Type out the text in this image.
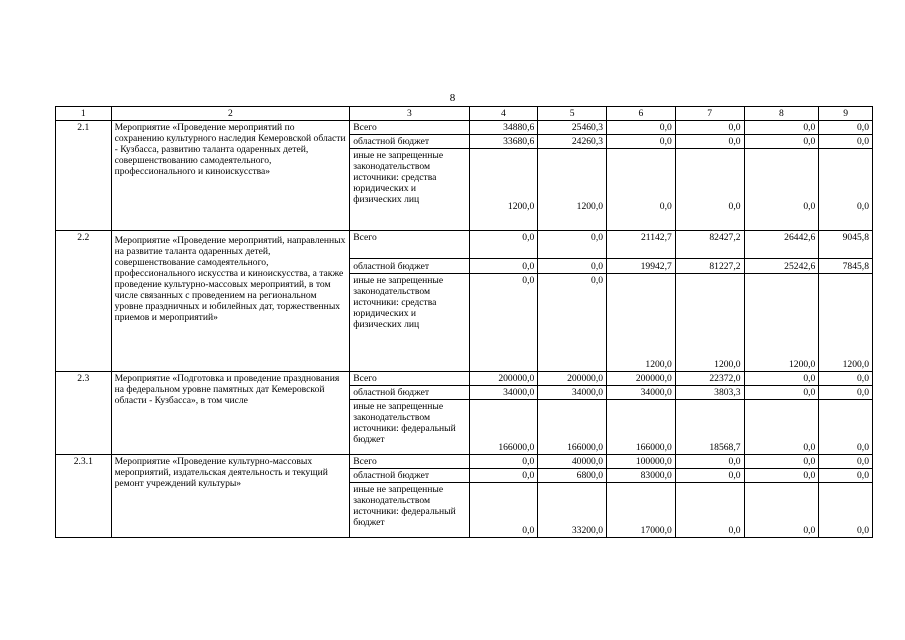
8
1	2	3	4	5	6	7	8	9
2.1	Мероприятие «Проведение мероприятий по сохранению культурного наследия Кемеровской области - Кузбасса, развитию таланта одаренных детей, совершенствованию самодеятельного, профессионального и киноискусства»	Всего	34880,6	25460,3	0,0	0,0	0,0	0,0
		областной бюджет	33680,6	24260,3	0,0	0,0	0,0	0,0
		иные не запрещенные законодательством источники: средства юридических и физических лиц	1200,0	1200,0	0,0	0,0	0,0	0,0
2.2	Мероприятие «Проведение мероприятий, направленных на развитие таланта одаренных детей, совершенствование самодеятельного, профессионального искусства и киноискусства, а также проведение культурно-массовых мероприятий, в том числе связанных с проведением на региональном уровне праздничных и юбилейных дат, торжественных приемов и мероприятий»	Всего	0,0	0,0	21142,7	82427,2	26442,6	9045,8
		областной бюджет	0,0	0,0	19942,7	81227,2	25242,6	7845,8
		иные не запрещенные законодательством источники: средства юридических и физических лиц	0,0	0,0	1200,0	1200,0	1200,0	1200,0
2.3	Мероприятие «Подготовка и проведение празднования на федеральном уровне памятных дат Кемеровской области - Кузбасса», в том числе	Всего	200000,0	200000,0	200000,0	22372,0	0,0	0,0
		областной бюджет	34000,0	34000,0	34000,0	3803,3	0,0	0,0
		иные не запрещенные законодательством источники: федеральный бюджет	166000,0	166000,0	166000,0	18568,7	0,0	0,0
2.3.1	Мероприятие «Проведение культурно-массовых мероприятий, издательская деятельность и текущий ремонт учреждений культуры»	Всего	0,0	40000,0	100000,0	0,0	0,0	0,0
		областной бюджет	0,0	6800,0	83000,0	0,0	0,0	0,0
		иные не запрещенные законодательством источники: федеральный бюджет	0,0	33200,0	17000,0	0,0	0,0	0,0
